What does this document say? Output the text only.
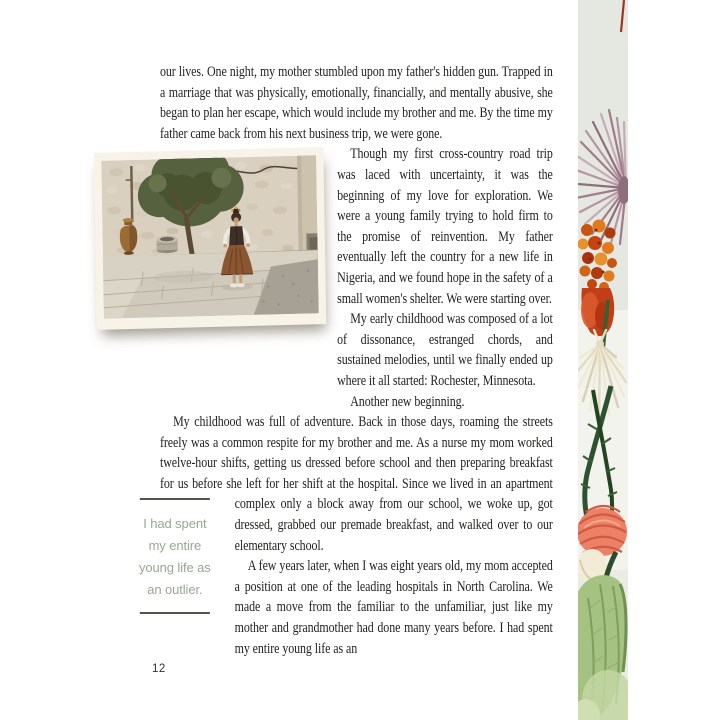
our lives. One night, my mother stumbled upon my father's hidden gun. Trapped in a marriage that was physically, emotionally, financially, and mentally abusive, she began to plan her escape, which would include my brother and me. By the time my father came back from his next business trip, we were gone.

Though my first cross-country road trip was laced with uncertainty, it was the beginning of my love for exploration. We were a young family trying to hold firm to the promise of reinvention. My father eventually left the country for a new life in Nigeria, and we found hope in the safety of a small women's shelter. We were starting over.

My early childhood was composed of a lot of dissonance, estranged chords, and sustained melodies, until we finally ended up where it all started: Rochester, Minnesota.

Another new beginning.

My childhood was full of adventure. Back in those days, roaming the streets freely was a common respite for my brother and me. As a nurse my mom worked twelve-hour shifts, getting us dressed before school and then preparing breakfast for us before she left for her shift at the hospital. Since we lived in an apartment complex only a block away from
I had spent
my entire
young life as
an outlier.
our school, we woke up, got dressed, grabbed our premade breakfast, and walked over to our elementary school.

A few years later, when I was eight years old, my mom accepted a position at one of the leading hospitals in North Carolina. We made a move from the familiar to the unfamiliar, just like my mother and grandmother had done many years before. I had spent my entire young life as an

12
